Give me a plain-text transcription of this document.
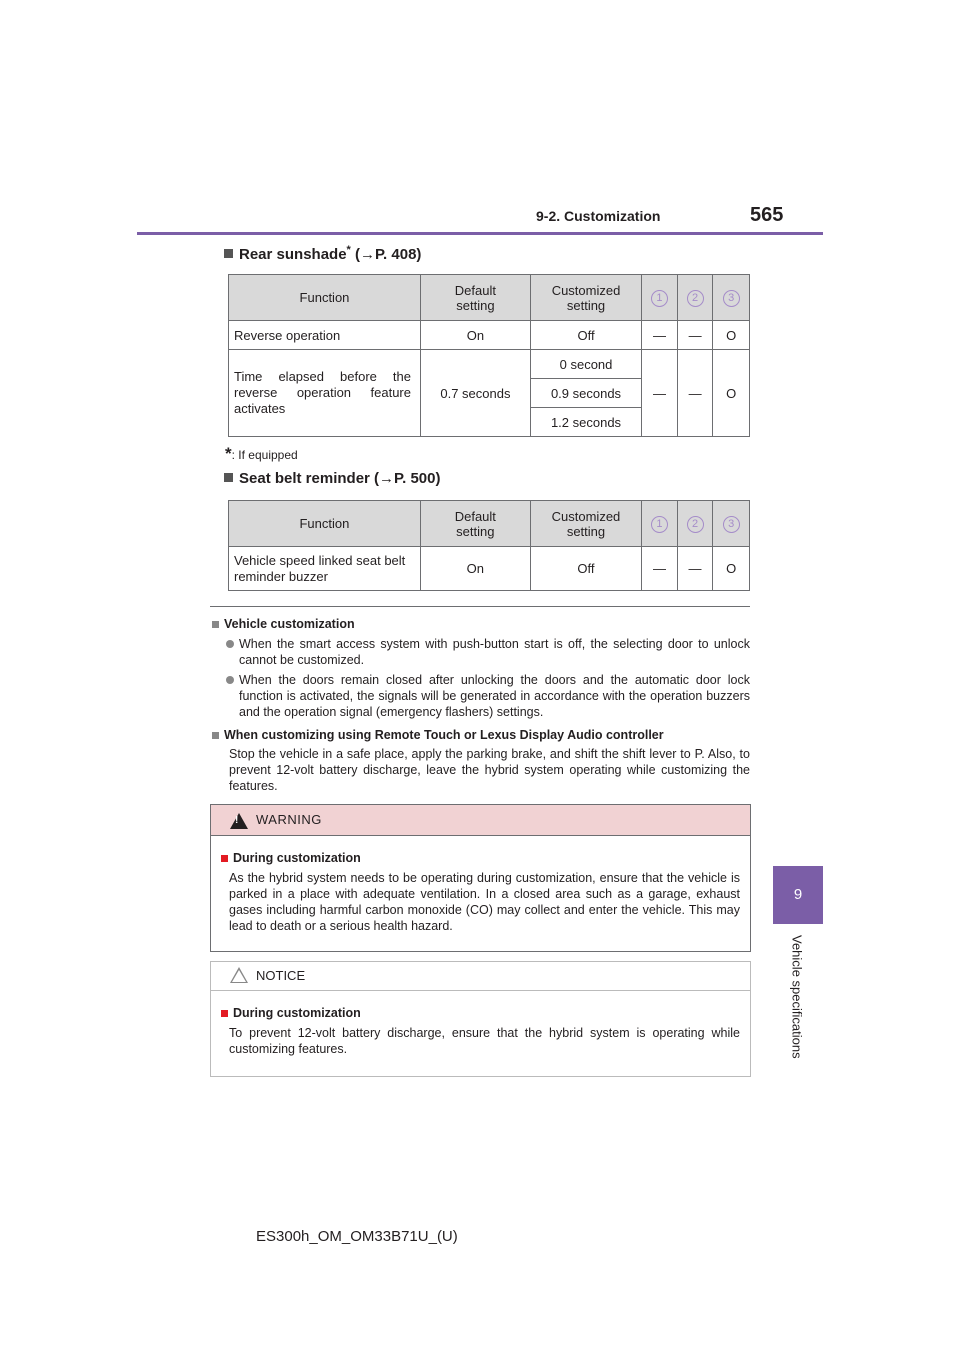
9-2. Customization	565
9
Vehicle specifications
Rear sunshade* (→P. 408)
Function	Default setting	Customized setting	1	2	3
Reverse operation	On	Off	—	—	O

Time elapsed before the reverse operation feature activates	0.7 seconds	0 second	—	—	O
		0.9 seconds			
		1.2 seconds			
*: If equipped
Seat belt reminder (→P. 500)
Function	Default setting	Customized setting	1	2	3

Vehicle speed linked seat belt reminder buzzer	On	Off	—	—	O
Vehicle customization
When the smart access system with push-button start is off, the selecting door to unlock cannot be customized.
When the doors remain closed after unlocking the doors and the automatic door lock function is activated, the signals will be generated in accordance with the operation buzzers and the operation signal (emergency flashers) settings.
When customizing using Remote Touch or Lexus Display Audio controller
Stop the vehicle in a safe place, apply the parking brake, and shift the shift lever to P. Also, to prevent 12-volt battery discharge, leave the hybrid system operating while customizing the features.
! WARNING
During customization
As the hybrid system needs to be operating during customization, ensure that the vehicle is parked in a place with adequate ventilation. In a closed area such as a garage, exhaust gases including harmful carbon monoxide (CO) may collect and enter the vehicle. This may lead to death or a serious health hazard.
NOTICE
During customization
To prevent 12-volt battery discharge, ensure that the hybrid system is operating while customizing features.
ES300h_OM_OM33B71U_(U)
